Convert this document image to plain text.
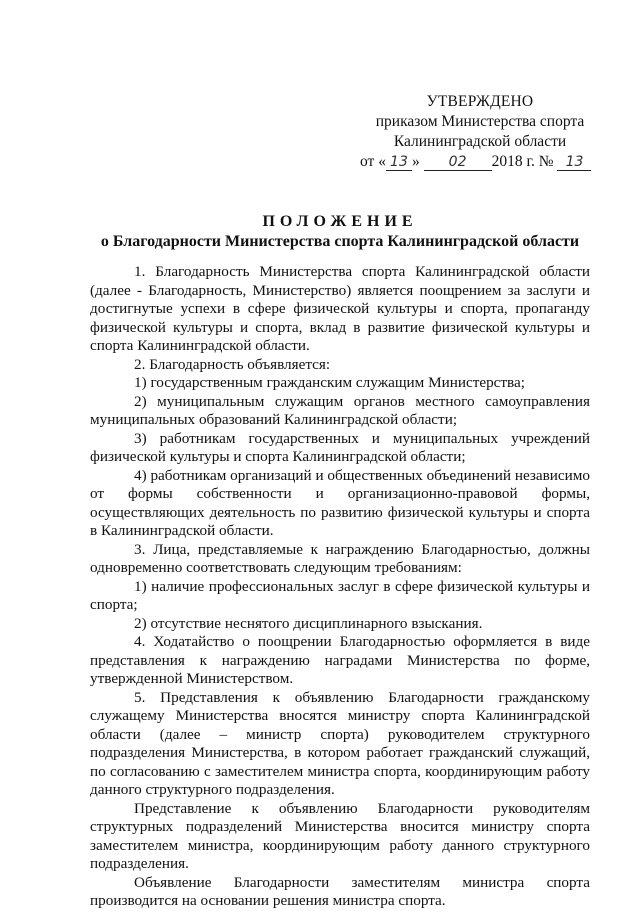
УТВЕРЖДЕНО
приказом Министерства спорта
Калининградской области
от « 13 » 02 2018 г. № 13
ПОЛОЖЕНИЕ
о Благодарности Министерства спорта Калининградской области

1. Благодарность Министерства спорта Калининградской области (далее - Благодарность, Министерство) является поощрением за заслуги и достигнутые успехи в сфере физической культуры и спорта, пропаганду физической культуры и спорта, вклад в развитие физической культуры и спорта Калининградской области.

2. Благодарность объявляется:

1) государственным гражданским служащим Министерства;

2) муниципальным служащим органов местного самоуправления муниципальных образований Калининградской области;

3) работникам государственных и муниципальных учреждений физической культуры и спорта Калининградской области;

4) работникам организаций и общественных объединений независимо от формы собственности и организационно-правовой формы, осуществляющих деятельность по развитию физической культуры и спорта в Калининградской области.

3. Лица, представляемые к награждению Благодарностью, должны одновременно соответствовать следующим требованиям:

1) наличие профессиональных заслуг в сфере физической культуры и спорта;

2) отсутствие неснятого дисциплинарного взыскания.

4. Ходатайство о поощрении Благодарностью оформляется в виде представления к награждению наградами Министерства по форме, утвержденной Министерством.

5. Представления к объявлению Благодарности гражданскому служащему Министерства вносятся министру спорта Калининградской области (далее – министр спорта) руководителем структурного подразделения Министерства, в котором работает гражданский служащий, по согласованию с заместителем министра спорта, координирующим работу данного структурного подразделения.

Представление к объявлению Благодарности руководителям структурных подразделений Министерства вносится министру спорта заместителем министра, координирующим работу данного структурного подразделения.

Объявление Благодарности заместителям министра спорта производится на основании решения министра спорта.
